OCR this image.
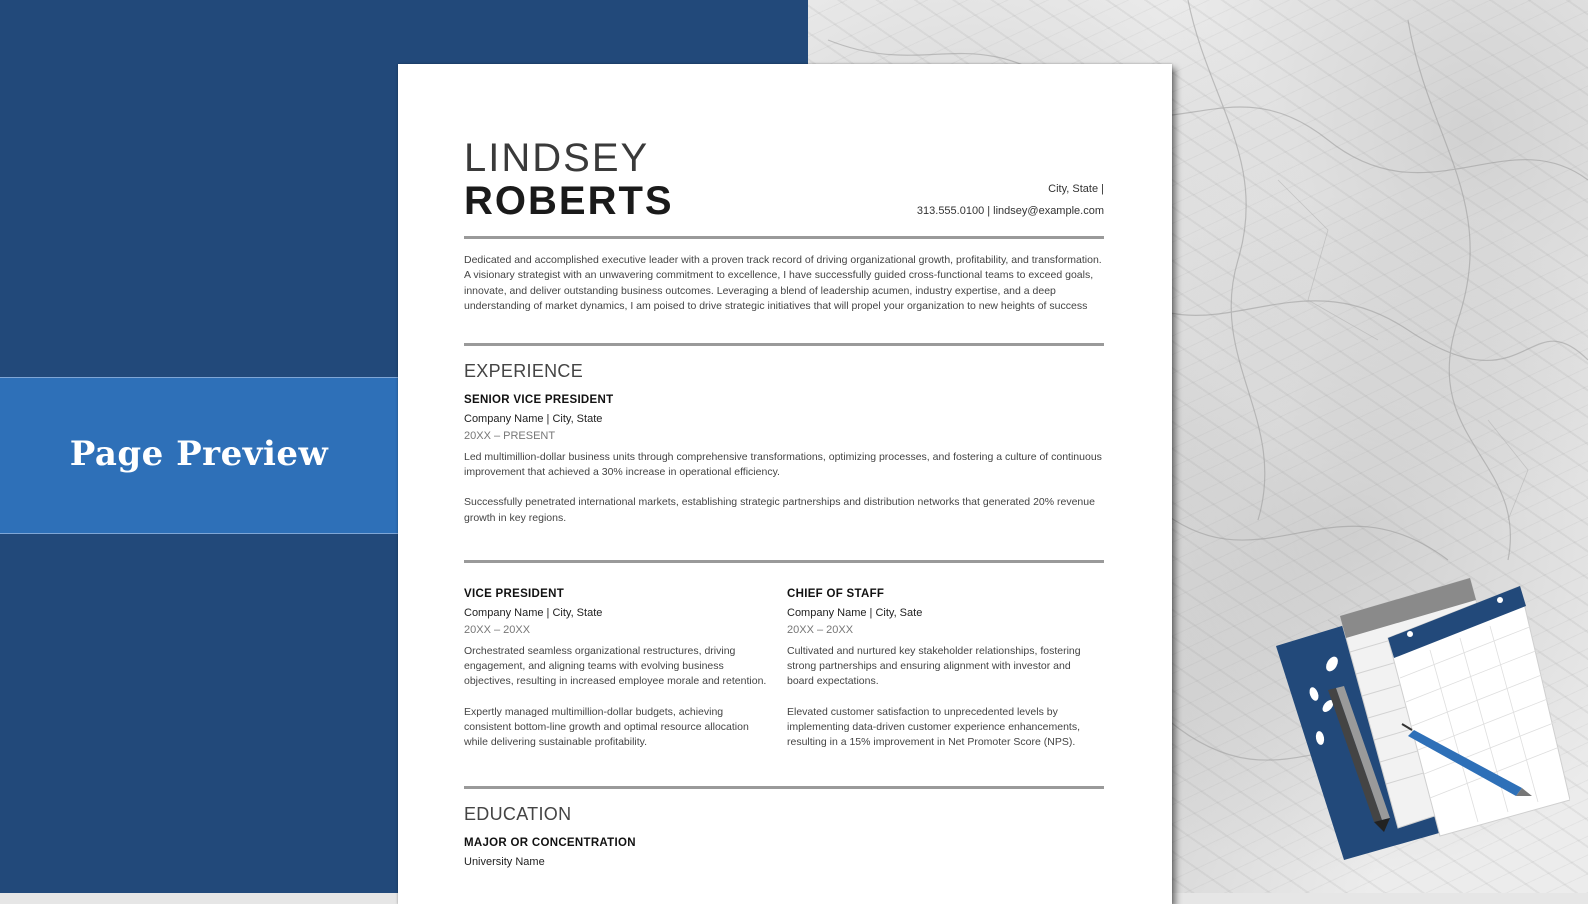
Page Preview
LINDSEY
ROBERTS	City, State |
313.555.0100 | lindsey@example.com
Dedicated and accomplished executive leader with a proven track record of driving organizational growth, profitability, and transformation. A visionary strategist with an unwavering commitment to excellence, I have successfully guided cross-functional teams to exceed goals, innovate, and deliver outstanding business outcomes. Leveraging a blend of leadership acumen, industry expertise, and a deep understanding of market dynamics, I am poised to drive strategic initiatives that will propel your organization to new heights of success
EXPERIENCE
SENIOR VICE PRESIDENT
Company Name | City, State
20XX – PRESENT

Led multimillion-dollar business units through comprehensive transformations, optimizing processes, and fostering a culture of continuous improvement that achieved a 30% increase in operational efficiency.

Successfully penetrated international markets, establishing strategic partnerships and distribution networks that generated 20% revenue growth in key regions.

VICE PRESIDENT
Company Name | City, State
20XX – 20XX

Orchestrated seamless organizational restructures, driving engagement, and aligning teams with evolving business objectives, resulting in increased employee morale and retention.

Expertly managed multimillion-dollar budgets, achieving consistent bottom-line growth and optimal resource allocation while delivering sustainable profitability.

CHIEF OF STAFF
Company Name | City, Sate
20XX – 20XX

Cultivated and nurtured key stakeholder relationships, fostering strong partnerships and ensuring alignment with investor and board expectations.

Elevated customer satisfaction to unprecedented levels by implementing data-driven customer experience enhancements, resulting in a 15% improvement in Net Promoter Score (NPS).

EDUCATION
MAJOR OR CONCENTRATION
University Name
